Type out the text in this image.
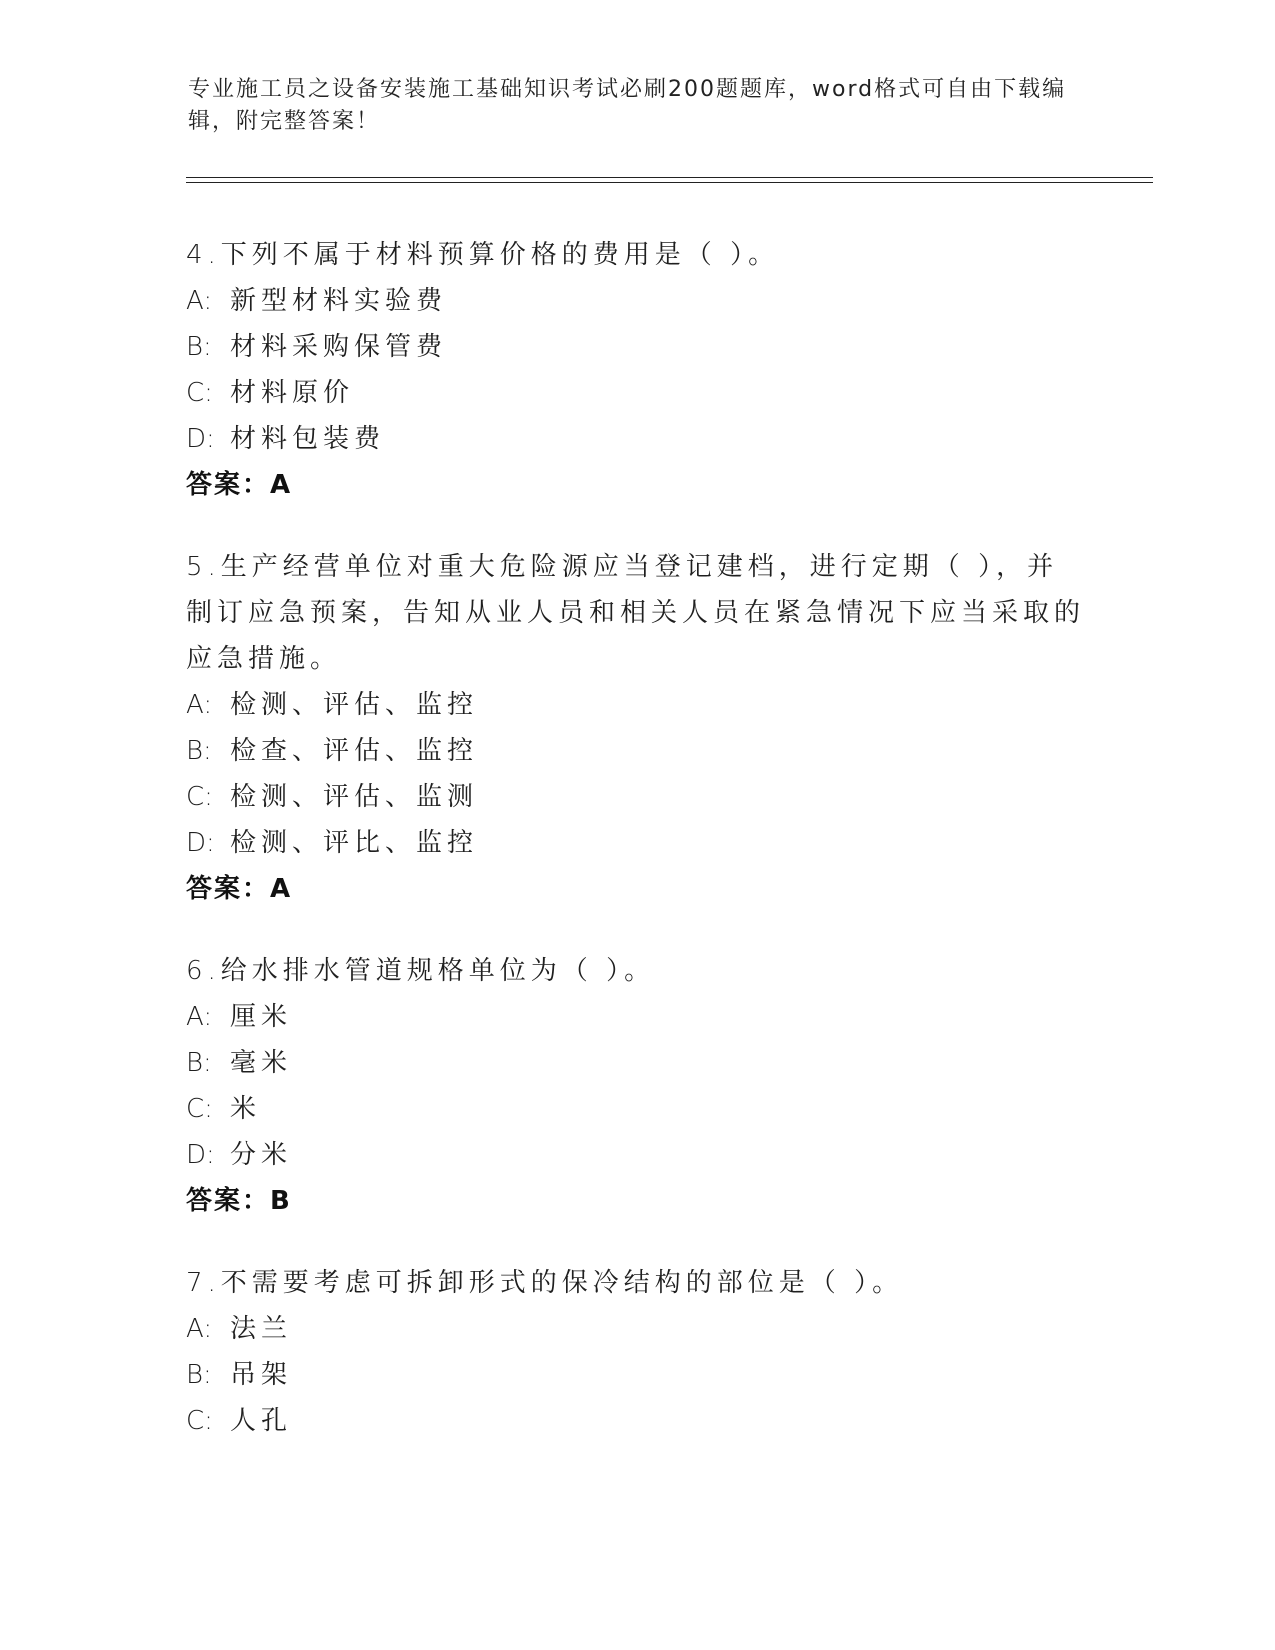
专业施工员之设备安装施工基础知识考试必刷200题题库，word格式可自由下载编辑，附完整答案！
4.下列不属于材料预算价格的费用是（ ）。
A: 新型材料实验费
B: 材料采购保管费
C: 材料原价
D: 材料包装费
答案：A
5.生产经营单位对重大危险源应当登记建档，进行定期（ ），并制订应急预案，告知从业人员和相关人员在紧急情况下应当采取的应急措施。
A: 检测、评估、监控
B: 检查、评估、监控
C: 检测、评估、监测
D: 检测、评比、监控
答案：A
6.给水排水管道规格单位为（ ）。
A: 厘米
B: 毫米
C: 米
D: 分米
答案：B
7.不需要考虑可拆卸形式的保冷结构的部位是（ ）。
A: 法兰
B: 吊架
C: 人孔
